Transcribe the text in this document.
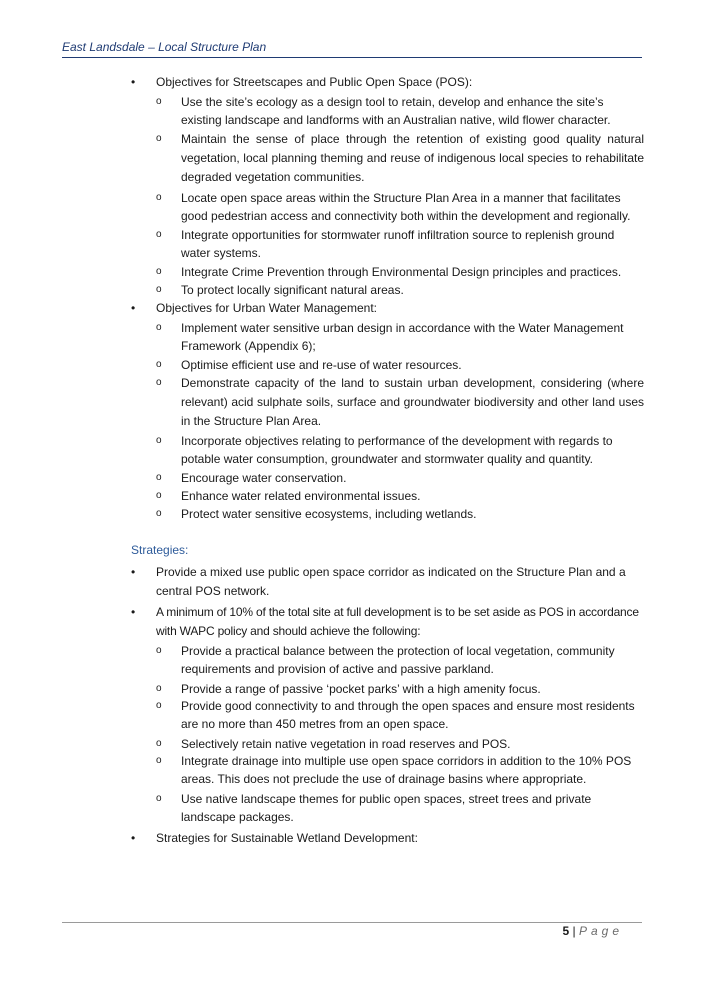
East Landsdale – Local Structure Plan
• Objectives for Streetscapes and Public Open Space (POS):
o Use the site’s ecology as a design tool to retain, develop and enhance the site’s existing landscape and landforms with an Australian native, wild flower character.
o Maintain the sense of place through the retention of existing good quality natural vegetation, local planning theming and reuse of indigenous local species to rehabilitate degraded vegetation communities.
o Locate open space areas within the Structure Plan Area in a manner that facilitates good pedestrian access and connectivity both within the development and regionally.
o Integrate opportunities for stormwater runoff infiltration source to replenish ground water systems.
o Integrate Crime Prevention through Environmental Design principles and practices.
o To protect locally significant natural areas.
• Objectives for Urban Water Management:
o Implement water sensitive urban design in accordance with the Water Management Framework (Appendix 6);
o Optimise efficient use and re-use of water resources.
o Demonstrate capacity of the land to sustain urban development, considering (where relevant) acid sulphate soils, surface and groundwater biodiversity and other land uses in the Structure Plan Area.
o Incorporate objectives relating to performance of the development with regards to potable water consumption, groundwater and stormwater quality and quantity.
o Encourage water conservation.
o Enhance water related environmental issues.
o Protect water sensitive ecosystems, including wetlands.
Strategies:
• Provide a mixed use public open space corridor as indicated on the Structure Plan and a central POS network.
• A minimum of 10% of the total site at full development is to be set aside as POS in accordance with WAPC policy and should achieve the following:
o Provide a practical balance between the protection of local vegetation, community requirements and provision of active and passive parkland.
o Provide a range of passive ‘pocket parks’ with a high amenity focus.
o Provide good connectivity to and through the open spaces and ensure most residents are no more than 450 metres from an open space.
o Selectively retain native vegetation in road reserves and POS.
o Integrate drainage into multiple use open space corridors in addition to the 10% POS areas. This does not preclude the use of drainage basins where appropriate.
o Use native landscape themes for public open spaces, street trees and private landscape packages.
• Strategies for Sustainable Wetland Development:
5 | Page
